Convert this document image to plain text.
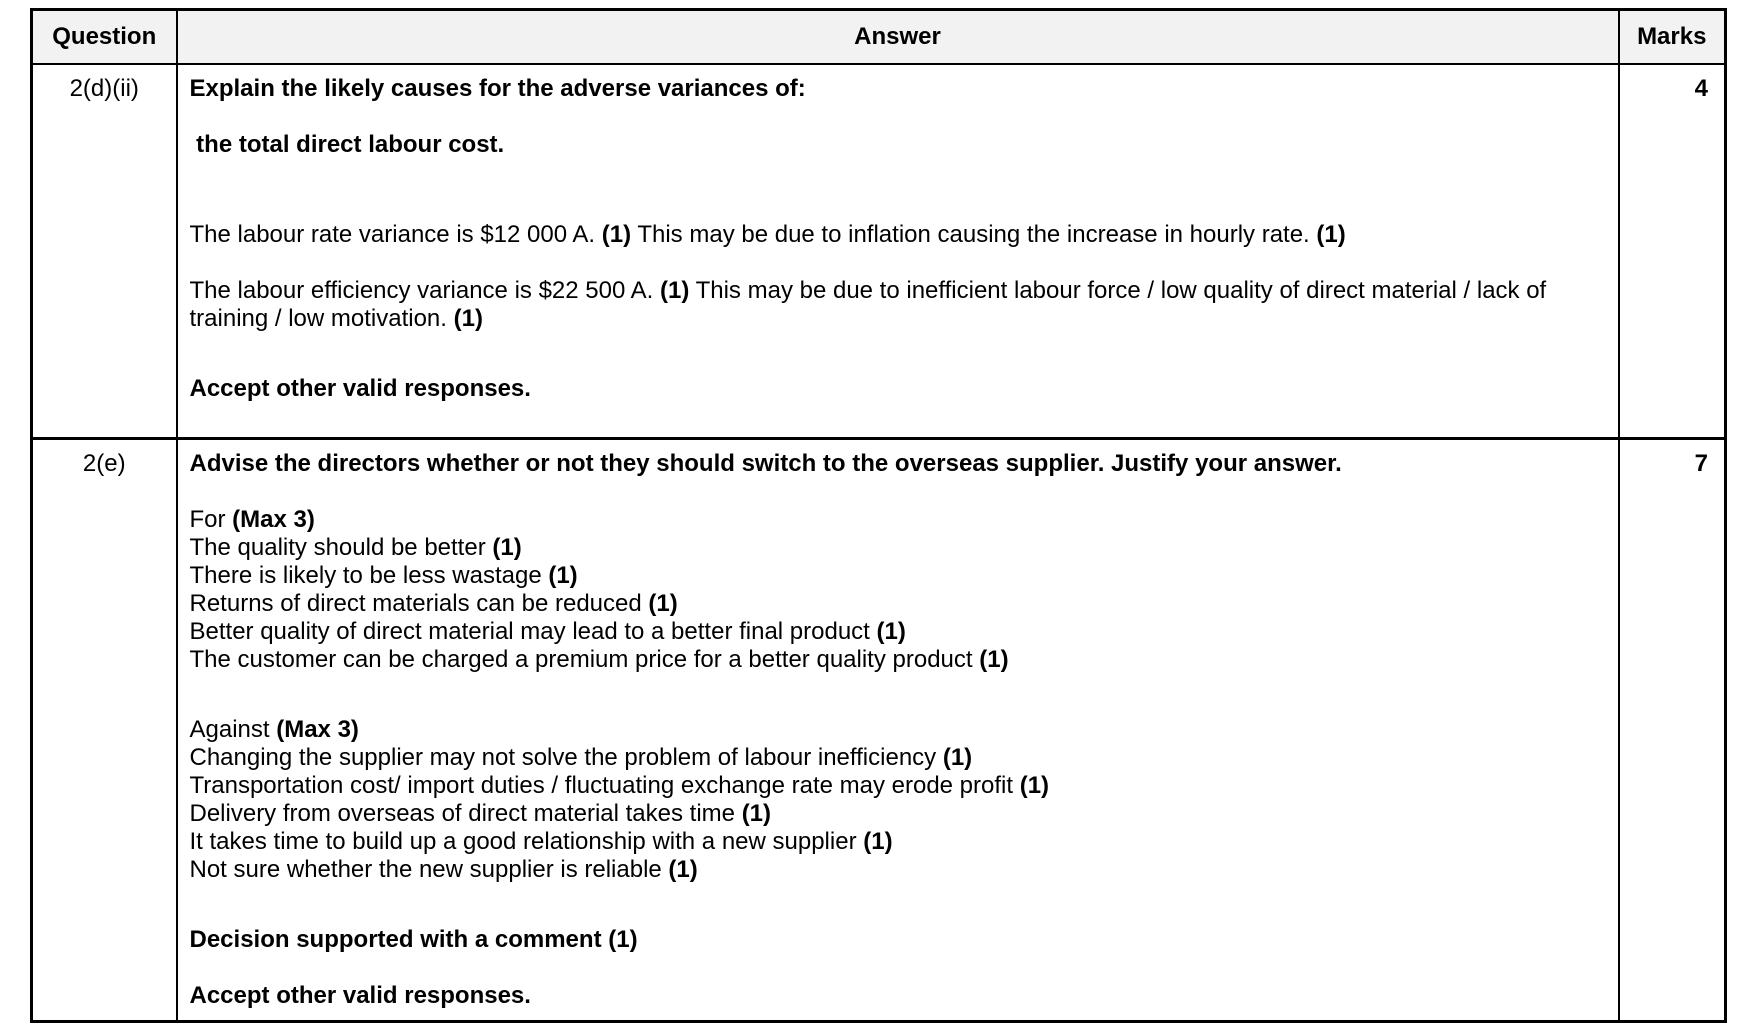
Question	Answer	Marks
2(d)(ii)	Explain the likely causes for the adverse variances of:
the total direct labour cost.
The labour rate variance is $12 000 A. (1) This may be due to inflation causing the increase in hourly rate. (1)
The labour efficiency variance is $22 500 A. (1) This may be due to inefficient labour force / low quality of direct material / lack of training / low motivation. (1)
Accept other valid responses.	4
2(e)	Advise the directors whether or not they should switch to the overseas supplier. Justify your answer.
For (Max 3)
The quality should be better (1)
There is likely to be less wastage (1)
Returns of direct materials can be reduced (1)
Better quality of direct material may lead to a better final product (1)
The customer can be charged a premium price for a better quality product (1)
Against (Max 3)
Changing the supplier may not solve the problem of labour inefficiency (1)
Transportation cost/ import duties / fluctuating exchange rate may erode profit (1)
Delivery from overseas of direct material takes time (1)
It takes time to build up a good relationship with a new supplier (1)
Not sure whether the new supplier is reliable (1)
Decision supported with a comment (1)
Accept other valid responses.
	7
